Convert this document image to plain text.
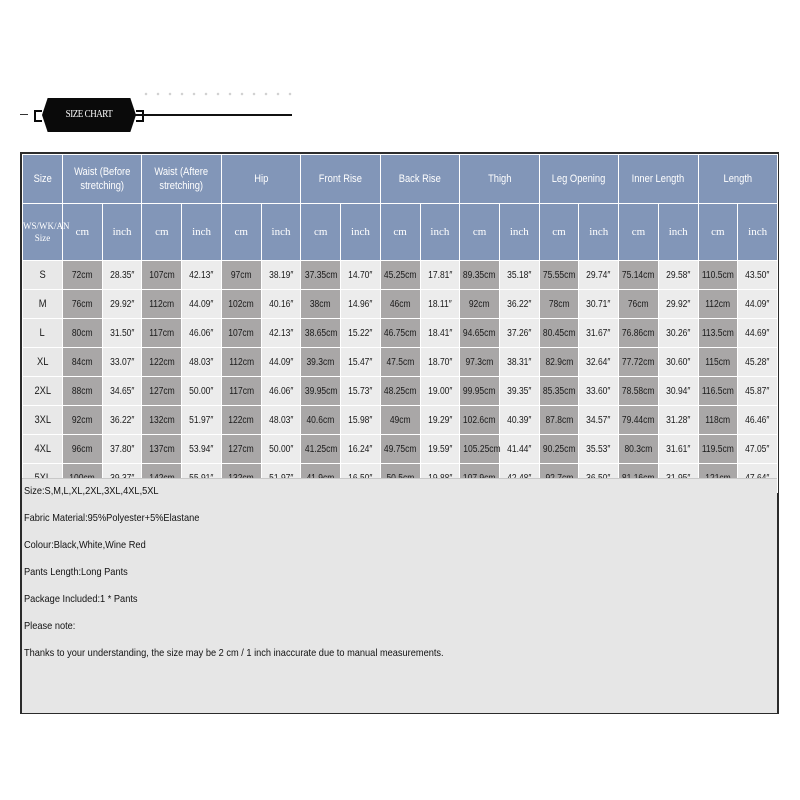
SIZE CHART
Size	Waist (Before stretching)		Waist (Aftere stretching)		Hip		Front Rise		Back Rise		Thigh		Leg Opening		Inner Length		Length	
WS/WK/AN
Size	cm	inch	cm	inch	cm	inch	cm	inch	cm	inch	cm	inch	cm	inch	cm	inch	cm	inch
S	72cm	28.35″	107cm	42.13″	97cm	38.19″	37.35cm	14.70″	45.25cm	17.81″	89.35cm	35.18″	75.55cm	29.74″	75.14cm	29.58″	110.5cm	43.50″
M	76cm	29.92″	112cm	44.09″	102cm	40.16″	38cm	14.96″	46cm	18.11″	92cm	36.22″	78cm	30.71″	76cm	29.92″	112cm	44.09″
L	80cm	31.50″	117cm	46.06″	107cm	42.13″	38.65cm	15.22″	46.75cm	18.41″	94.65cm	37.26″	80.45cm	31.67″	76.86cm	30.26″	113.5cm	44.69″
XL	84cm	33.07″	122cm	48.03″	112cm	44.09″	39.3cm	15.47″	47.5cm	18.70″	97.3cm	38.31″	82.9cm	32.64″	77.72cm	30.60″	115cm	45.28″
2XL	88cm	34.65″	127cm	50.00″	117cm	46.06″	39.95cm	15.73″	48.25cm	19.00″	99.95cm	39.35″	85.35cm	33.60″	78.58cm	30.94″	116.5cm	45.87″
3XL	92cm	36.22″	132cm	51.97″	122cm	48.03″	40.6cm	15.98″	49cm	19.29″	102.6cm	40.39″	87.8cm	34.57″	79.44cm	31.28″	118cm	46.46″
4XL	96cm	37.80″	137cm	53.94″	127cm	50.00″	41.25cm	16.24″	49.75cm	19.59″	105.25cm	41.44″	90.25cm	35.53″	80.3cm	31.61″	119.5cm	47.05″

Size:S,M,L,XL,2XL,3XL,4XL,5XL
Fabric Material:95%Polyester+5%Elastane
Colour:Black,White,Wine Red
Pants Length:Long Pants
Package Included:1 * Pants
Please note:
Thanks to your understanding, the size may be 2 cm / 1 inch inaccurate due to manual measurements.
